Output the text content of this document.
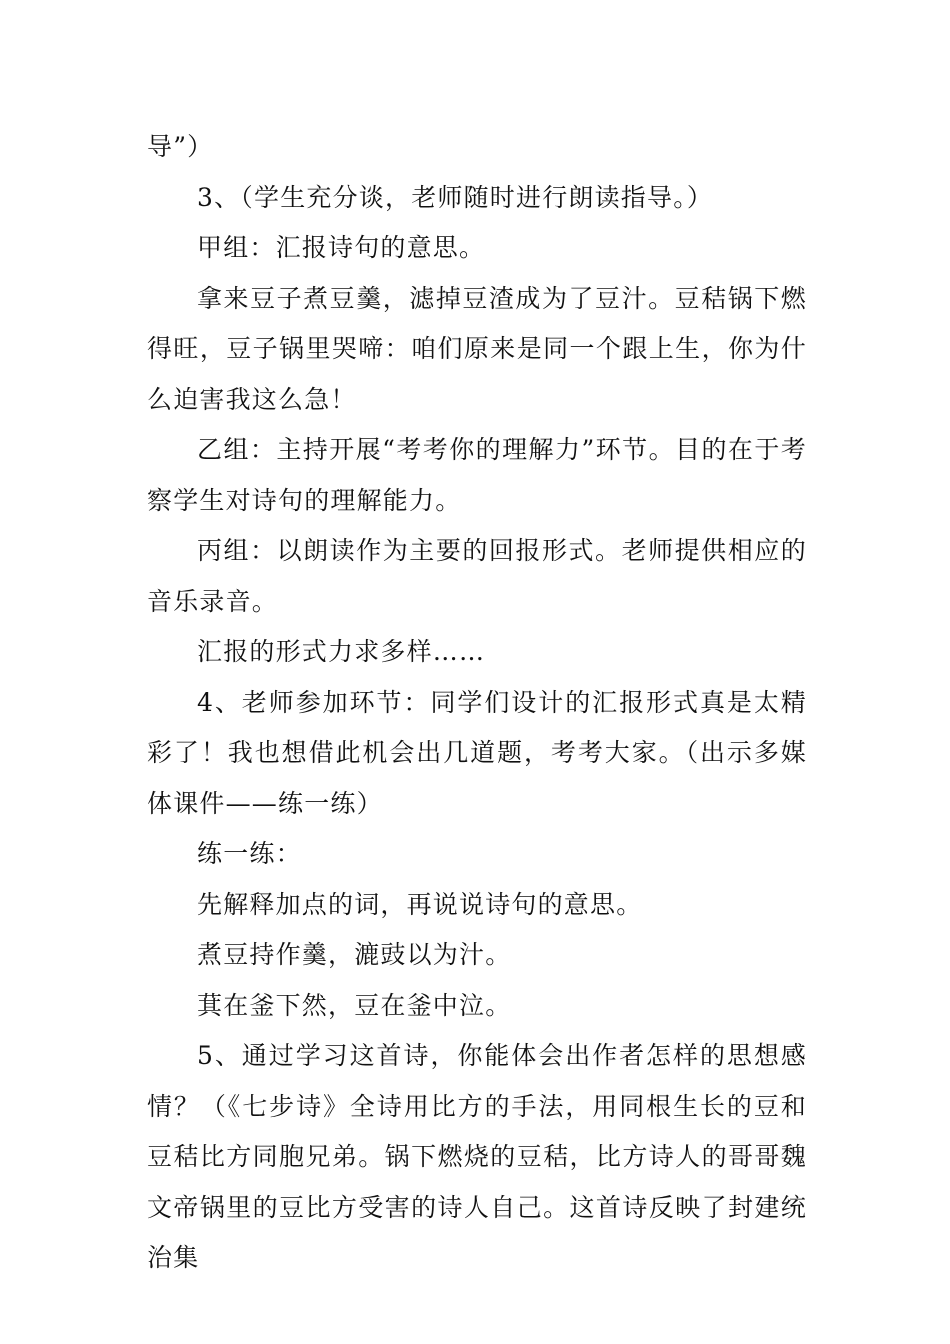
导”）

3、（学生充分谈，老师随时进行朗读指导。）

甲组：汇报诗句的意思。

拿来豆子煮豆羹，滤掉豆渣成为了豆汁。豆秸锅下燃得旺，豆子锅里哭啼：咱们原来是同一个跟上生，你为什么迫害我这么急！

乙组：主持开展“考考你的理解力”环节。目的在于考察学生对诗句的理解能力。

丙组：以朗读作为主要的回报形式。老师提供相应的音乐录音。

汇报的形式力求多样……

4、老师参加环节：同学们设计的汇报形式真是太精彩了！我也想借此机会出几道题，考考大家。（出示多媒体课件——练一练）

练一练：

先解释加点的词，再说说诗句的意思。

煮豆持作羹，漉豉以为汁。

萁在釜下然，豆在釜中泣。

5、通过学习这首诗，你能体会出作者怎样的思想感情？（《七步诗》全诗用比方的手法，用同根生长的豆和豆秸比方同胞兄弟。锅下燃烧的豆秸，比方诗人的哥哥魏文帝锅里的豆比方受害的诗人自己。这首诗反映了封建统治集
